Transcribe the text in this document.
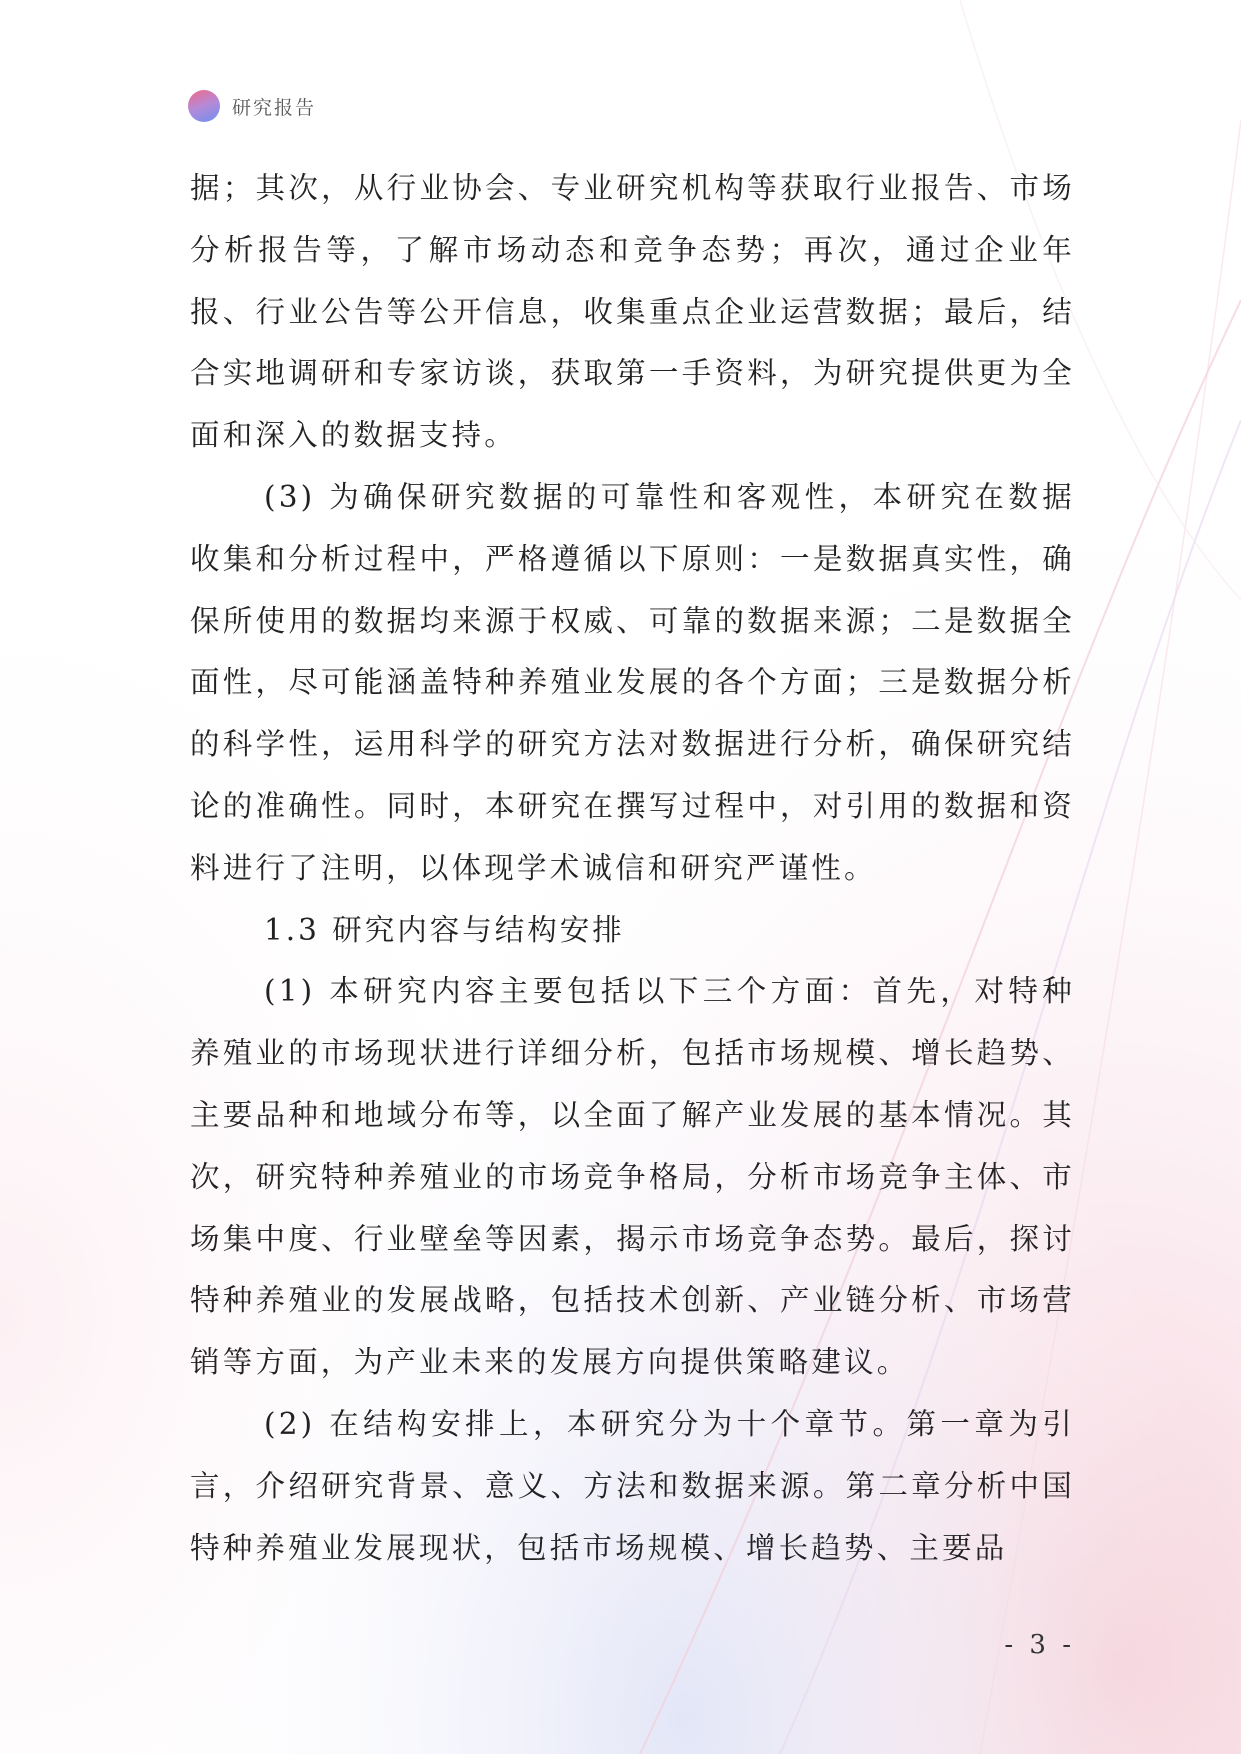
研究报告

据；其次，从行业协会、专业研究机构等获取行业报告、市场分析报告等，了解市场动态和竞争态势；再次，通过企业年报、行业公告等公开信息，收集重点企业运营数据；最后，结合实地调研和专家访谈，获取第一手资料，为研究提供更为全面和深入的数据支持。

(3) 为确保研究数据的可靠性和客观性，本研究在数据收集和分析过程中，严格遵循以下原则：一是数据真实性，确保所使用的数据均来源于权威、可靠的数据来源；二是数据全面性，尽可能涵盖特种养殖业发展的各个方面；三是数据分析的科学性，运用科学的研究方法对数据进行分析，确保研究结论的准确性。同时，本研究在撰写过程中，对引用的数据和资料进行了注明，以体现学术诚信和研究严谨性。

1.3 研究内容与结构安排

(1) 本研究内容主要包括以下三个方面：首先，对特种养殖业的市场现状进行详细分析，包括市场规模、增长趋势、主要品种和地域分布等，以全面了解产业发展的基本情况。其次，研究特种养殖业的市场竞争格局，分析市场竞争主体、市场集中度、行业壁垒等因素，揭示市场竞争态势。最后，探讨特种养殖业的发展战略，包括技术创新、产业链分析、市场营销等方面，为产业未来的发展方向提供策略建议。

(2) 在结构安排上，本研究分为十个章节。第一章为引言，介绍研究背景、意义、方法和数据来源。第二章分析中国特种养殖业发展现状，包括市场规模、增长趋势、主要品

- 3 -
